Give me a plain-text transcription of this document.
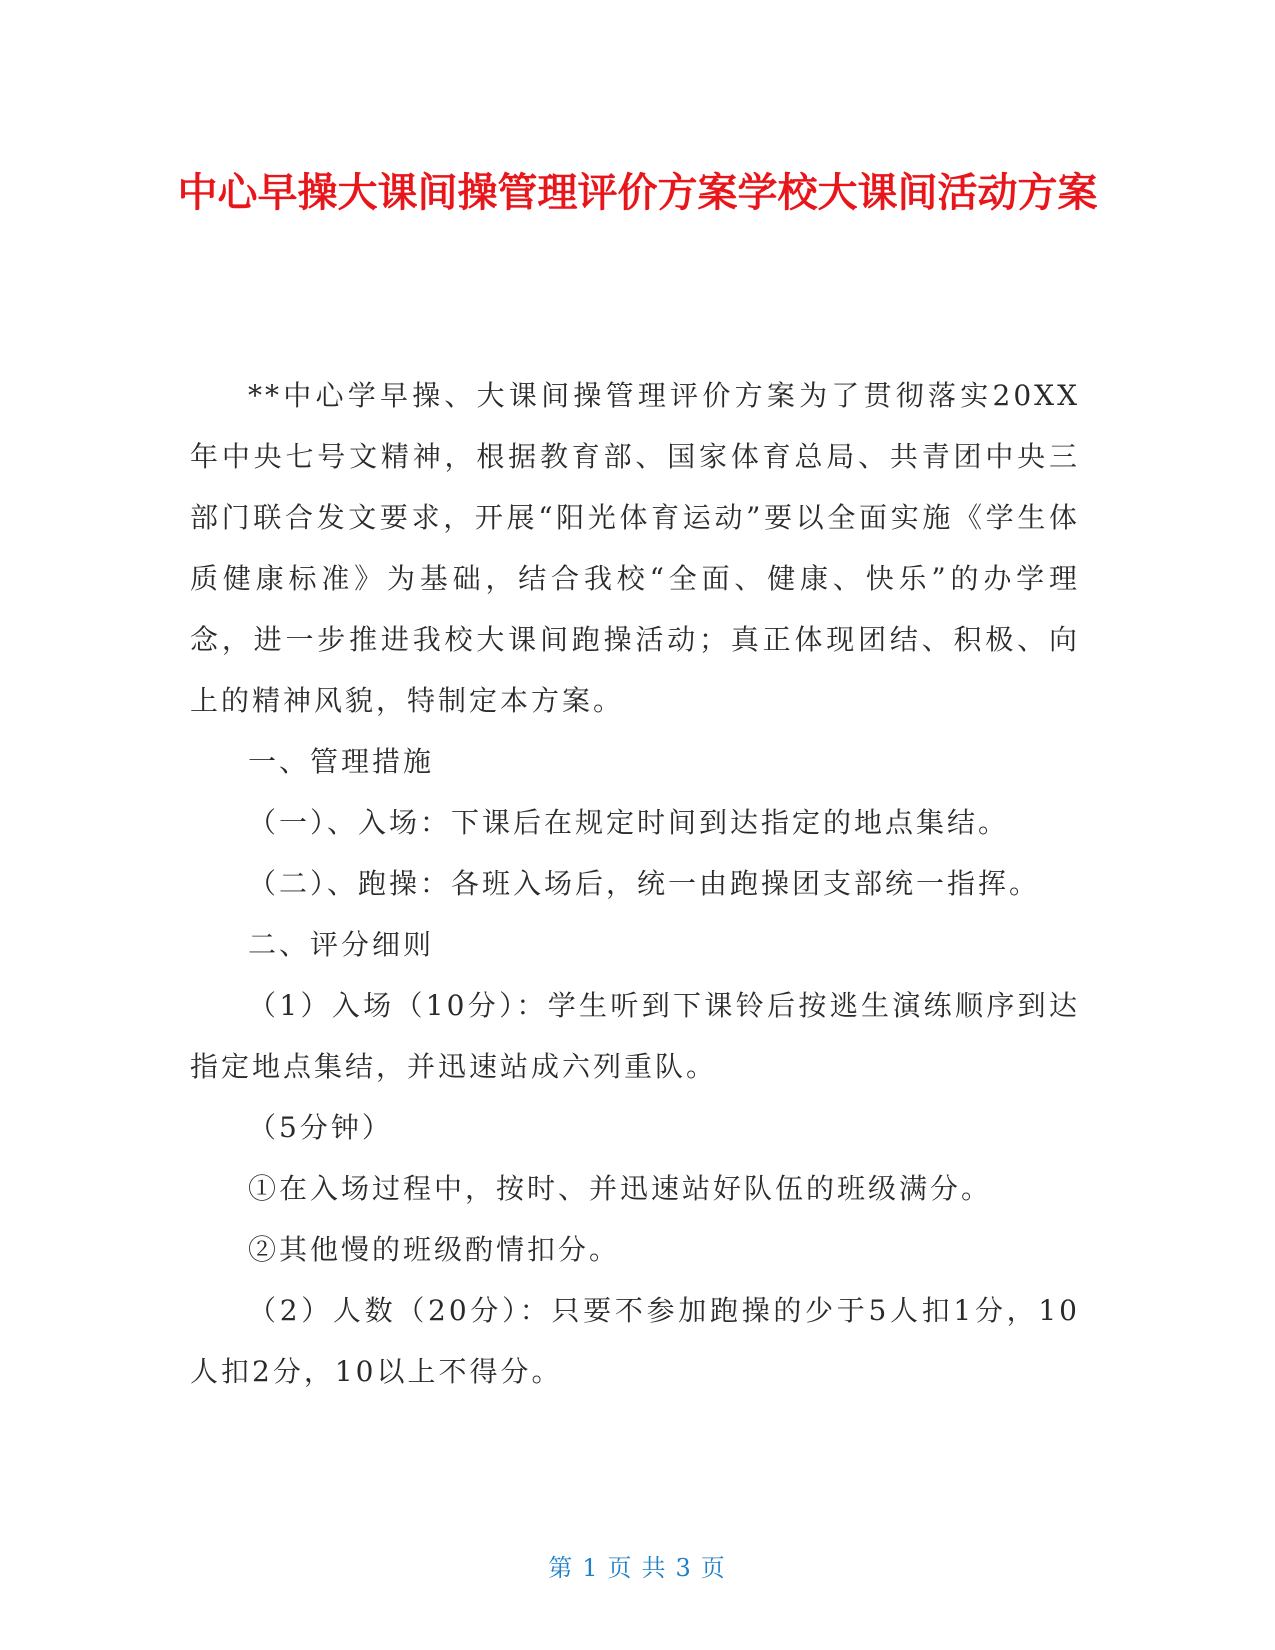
中心早操大课间操管理评价方案学校大课间活动方案

**中心学早操、大课间操管理评价方案为了贯彻落实20XX年中央七号文精神，根据教育部、国家体育总局、共青团中央三部门联合发文要求，开展“阳光体育运动”要以全面实施《学生体质健康标准》为基础，结合我校“全面、健康、快乐”的办学理念，进一步推进我校大课间跑操活动；真正体现团结、积极、向上的精神风貌，特制定本方案。

一、管理措施

（一）、入场：下课后在规定时间到达指定的地点集结。

（二）、跑操：各班入场后，统一由跑操团支部统一指挥。

二、评分细则

（1）入场（10分）：学生听到下课铃后按逃生演练顺序到达指定地点集结，并迅速站成六列重队。

（5分钟）

①在入场过程中，按时、并迅速站好队伍的班级满分。

②其他慢的班级酌情扣分。

（2）人数（20分）：只要不参加跑操的少于5人扣1分，10人扣2分，10以上不得分。

第 1 页 共 3 页
